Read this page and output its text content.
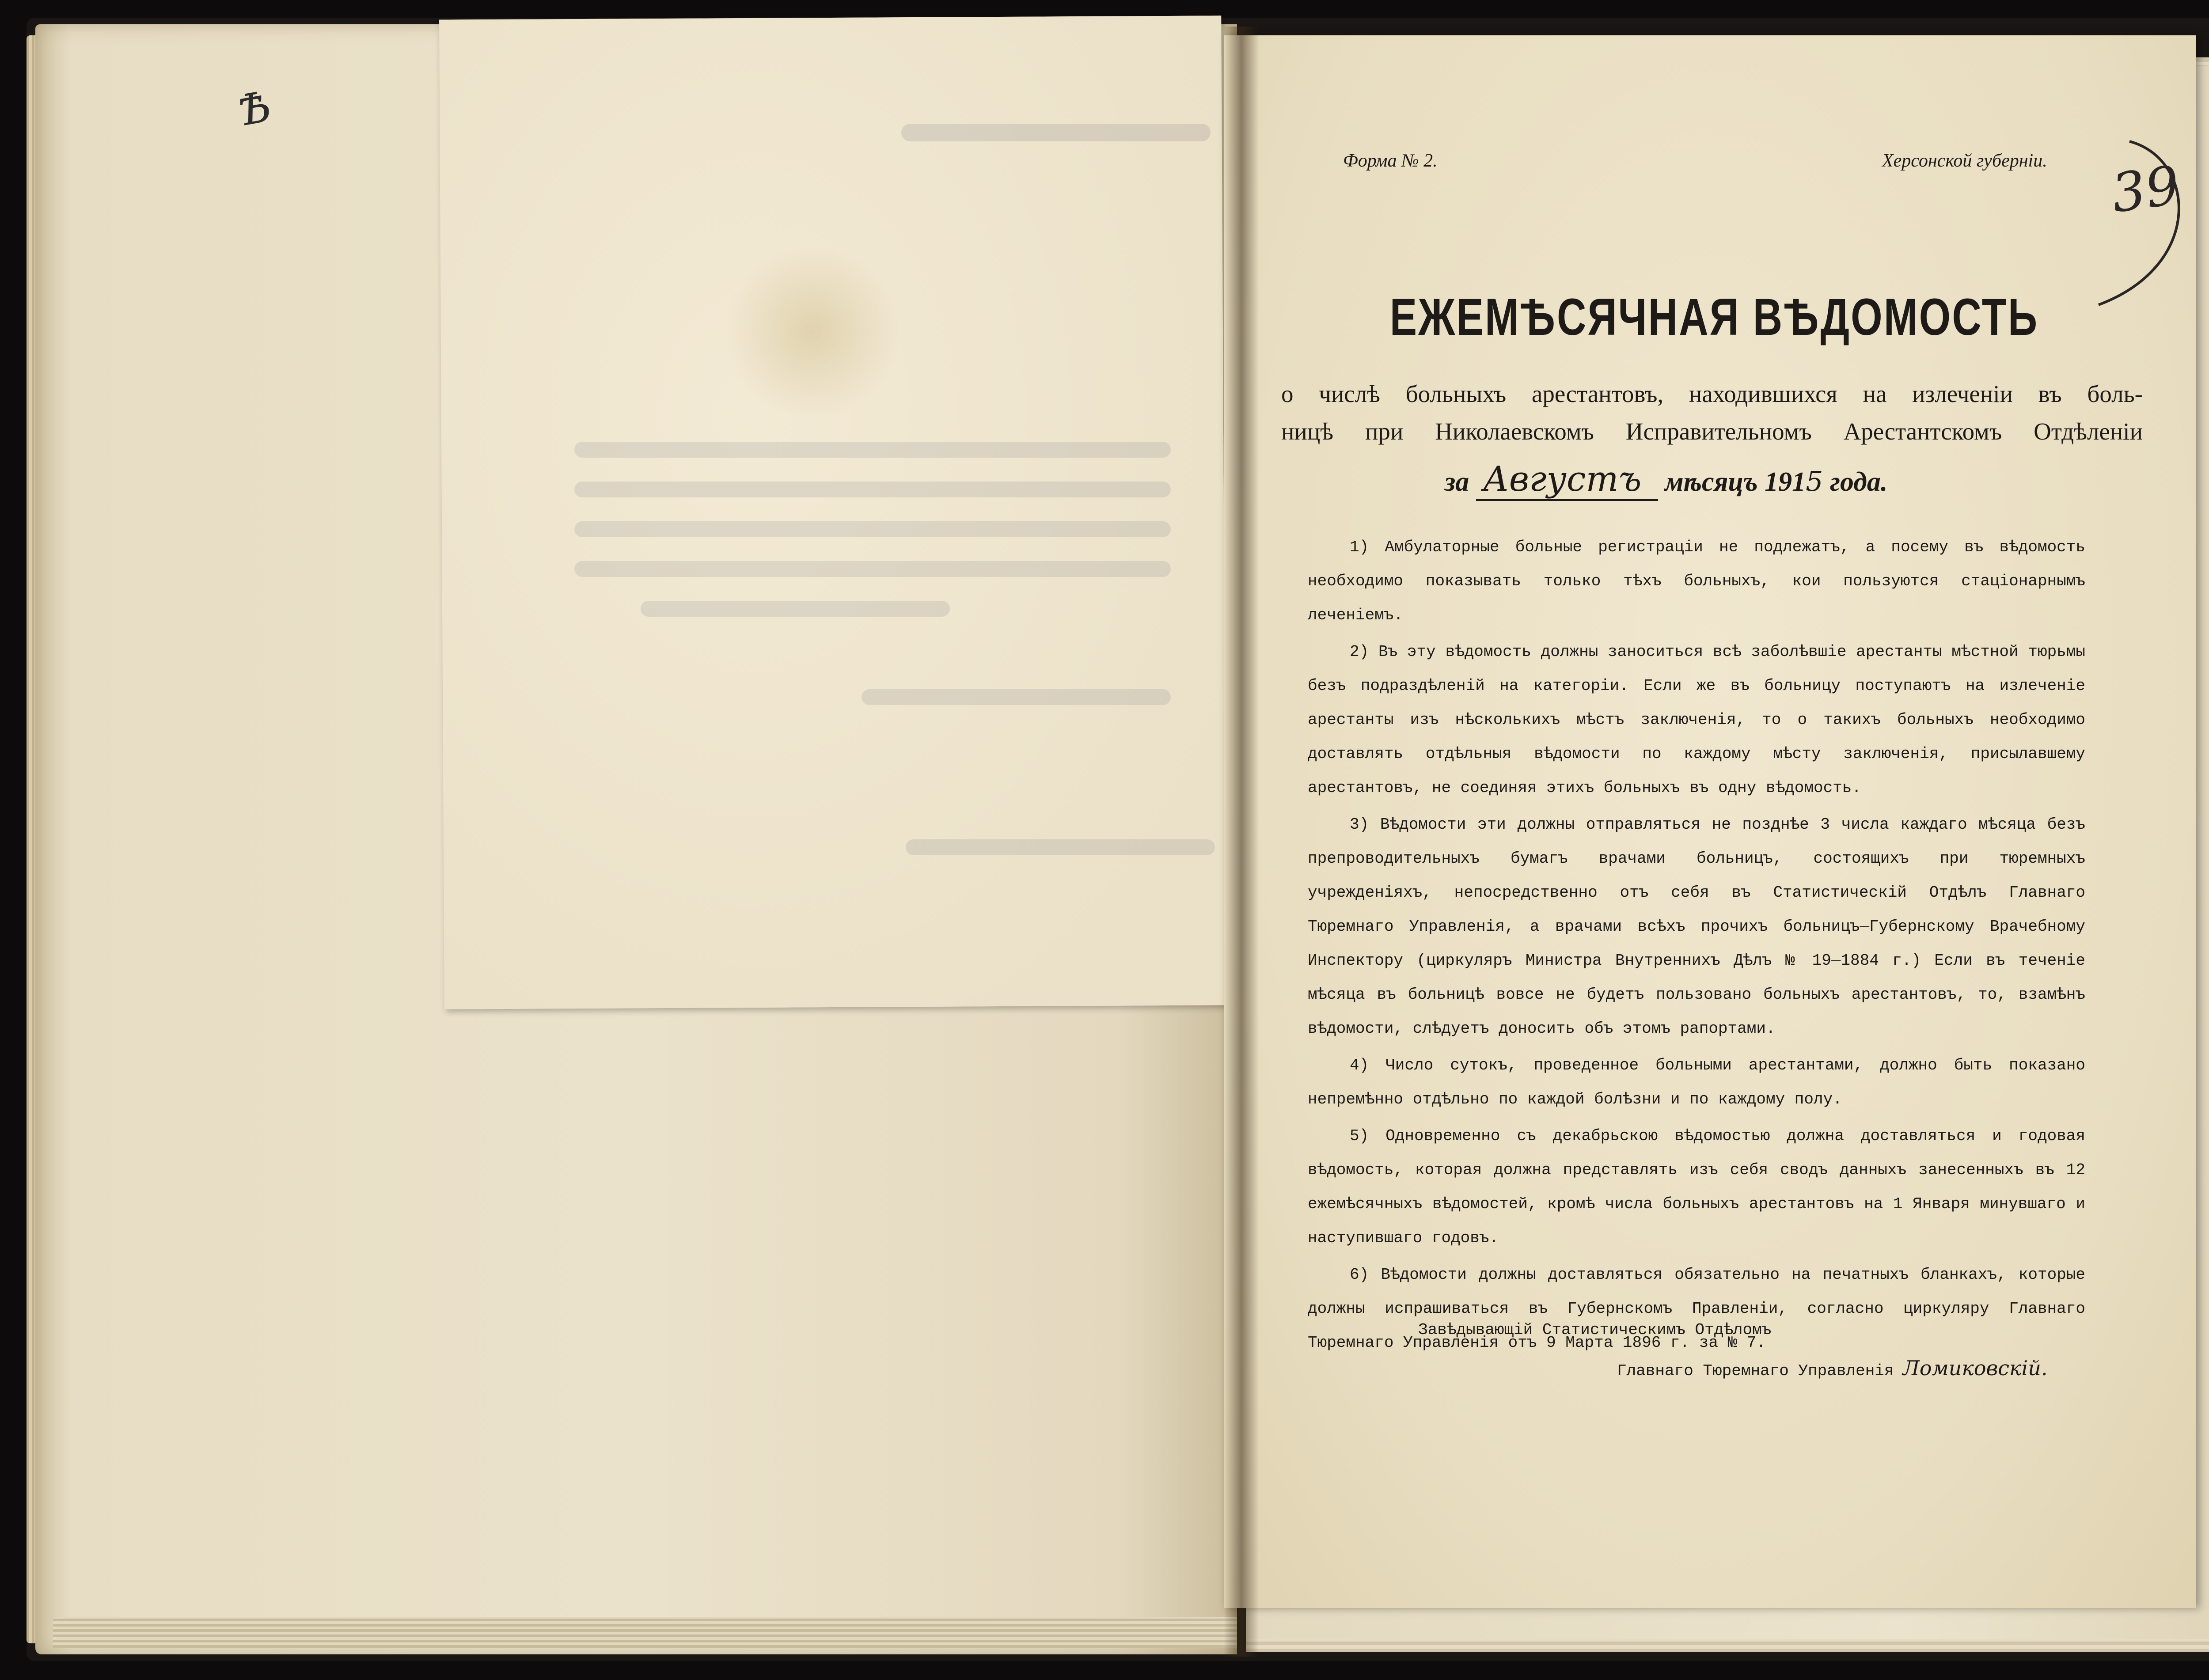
Ѣ
Форма № 2.	Херсонской губерніи.
ЕЖЕМѢСЯЧНАЯ ВѢДОМОСТЬ
о числѣ больныхъ арестантовъ, находившихся на излеченіи въ боль-
ницѣ при Николаевскомъ Исправительномъ Арестантскомъ Отдѣленіи
за Августъ мѣсяцъ 1915 года.

1) Амбулаторные больные регистраціи не подлежатъ, а посему въ вѣдомость необходимо показывать только тѣхъ больныхъ, кои пользуются стаціонарнымъ леченіемъ.

2) Въ эту вѣдомость должны заноситься всѣ заболѣвшіе арестанты мѣстной тюрьмы безъ подраздѣленій на категоріи. Если же въ больницу поступаютъ на излеченіе арестанты изъ нѣсколькихъ мѣстъ заключенія, то о такихъ больныхъ необходимо доставлять отдѣльныя вѣдомости по каждому мѣсту заключенія, присылавшему арестантовъ, не соединяя этихъ больныхъ въ одну вѣдомость.

3) Вѣдомости эти должны отправляться не позднѣе 3 числа каждаго мѣсяца безъ препроводительныхъ бумагъ врачами больницъ, состоящихъ при тюремныхъ учрежденіяхъ, непосредственно отъ себя въ Статистическій Отдѣлъ Главнаго Тюремнаго Управленія, а врачами всѣхъ прочихъ больницъ—Губернскому Врачебному Инспектору (циркуляръ Министра Внутреннихъ Дѣлъ № 19—1884 г.) Если въ теченіе мѣсяца въ больницѣ вовсе не будетъ пользовано больныхъ арестантовъ, то, взамѣнъ вѣдомости, слѣдуетъ доносить объ этомъ рапортами.

4) Число сутокъ, проведенное больными арестантами, должно быть показано непремѣнно отдѣльно по каждой болѣзни и по каждому полу.

5) Одновременно съ декабрьскою вѣдомостью должна доставляться и годовая вѣдомость, которая должна представлять изъ себя сводъ данныхъ занесенныхъ въ 12 ежемѣсячныхъ вѣдомостей, кромѣ числа больныхъ арестантовъ на 1 Января минувшаго и наступившаго годовъ.

6) Вѣдомости должны доставляться обязательно на печатныхъ бланкахъ, которые должны испрашиваться въ Губернскомъ Правленіи, согласно циркуляру Главнаго Тюремнаго Управленія отъ 9 Марта 1896 г. за № 7.

Завѣдывающій Статистическимъ Отдѣломъ
Главнаго Тюремнаго Управленія Ломиковскій.
39
